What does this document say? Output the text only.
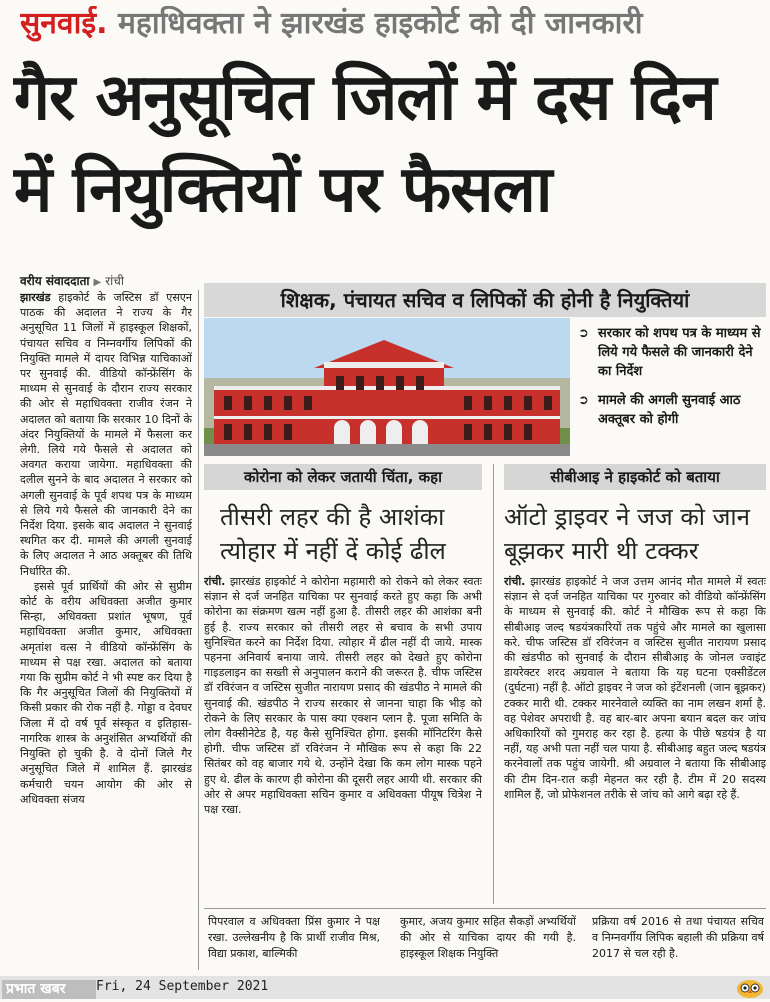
सुनवाई. महाधिवक्ता ने झारखंड हाइकोर्ट को दी जानकारी
गैर अनुसूचित जिलों में दस दिन में नियुक्तियों पर फैसला
वरीय संवाददाता ▶ रांची
झारखंड हाइकोर्ट के जस्टिस डॉ एसएन पाठक की अदालत ने राज्य के गैर अनुसूचित 11 जिलों में हाइस्कूल शिक्षकों, पंचायत सचिव व निम्नवर्गीय लिपिकों की नियुक्ति मामले में दायर विभिन्न याचिकाओं पर सुनवाई की. वीडियो कॉन्फ्रेंसिंग के माध्यम से सुनवाई के दौरान राज्य सरकार की ओर से महाधिवक्ता राजीव रंजन ने अदालत को बताया कि सरकार 10 दिनों के अंदर नियुक्तियों के मामले में फैसला कर लेगी. लिये गये फैसले से अदालत को अवगत कराया जायेगा. महाधिवक्ता की दलील सुनने के बाद अदालत ने सरकार को अगली सुनवाई के पूर्व शपथ पत्र के माध्यम से लिये गये फैसले की जानकारी देने का निर्देश दिया. इसके बाद अदालत ने सुनवाई स्थगित कर दी. मामले की अगली सुनवाई के लिए अदालत ने आठ अक्तूबर की तिथि निर्धारित की.
इससे पूर्व प्रार्थियों की ओर से सुप्रीम कोर्ट के वरीय अधिवक्ता अजीत कुमार सिन्हा, अधिवक्ता प्रशांत भूषण, पूर्व महाधिवक्ता अजीत कुमार, अधिवक्ता अमृतांश वत्स ने वीडियो कॉन्फ्रेंसिंग के माध्यम से पक्ष रखा. अदालत को बताया गया कि सुप्रीम कोर्ट ने भी स्पष्ट कर दिया है कि गैर अनुसूचित जिलों की नियुक्तियों में किसी प्रकार की रोक नहीं है. गोड्डा व देवघर जिला में दो वर्ष पूर्व संस्कृत व इतिहास-नागरिक शास्त्र के अनुशंसित अभ्यर्थियों की नियुक्ति हो चुकी है. वे दोनों जिले गैर अनुसूचित जिले में शामिल हैं. झारखंड कर्मचारी चयन आयोग की ओर से अधिवक्ता संजय
शिक्षक, पंचायत सचिव व लिपिकों की होनी है नियुक्तियां
➲ सरकार को शपथ पत्र के माध्यम से लिये गये फैसले की जानकारी देने का निर्देश
➲ मामले की अगली सुनवाई आठ अक्तूबर को होगी
कोरोना को लेकर जतायी चिंता, कहा	सीबीआइ ने हाइकोर्ट को बताया
तीसरी लहर की है आशंका त्योहार में नहीं दें कोई ढील
ऑटो ड्राइवर ने जज को जान बूझकर मारी थी टक्कर
रांची. झारखंड हाइकोर्ट ने कोरोना महामारी को रोकने को लेकर स्वतः संज्ञान से दर्ज जनहित याचिका पर सुनवाई करते हुए कहा कि अभी कोरोना का संक्रमण खत्म नहीं हुआ है. तीसरी लहर की आशंका बनी हुई है. राज्य सरकार को तीसरी लहर से बचाव के सभी उपाय सुनिश्चित करने का निर्देश दिया. त्योहार में ढील नहीं दी जाये. मास्क पहनना अनिवार्य बनाया जाये. तीसरी लहर को देखते हुए कोरोना गाइडलाइन का सख्ती से अनुपालन कराने की जरूरत है. चीफ जस्टिस डॉ रविरंजन व जस्टिस सुजीत नारायण प्रसाद की खंडपीठ ने मामले की सुनवाई की. खंडपीठ ने राज्य सरकार से जानना चाहा कि भीड़ को रोकने के लिए सरकार के पास क्या एक्शन प्लान है. पूजा समिति के लोग वैक्सीनेटेड है, यह कैसे सुनिश्चित होगा. इसकी मॉनिटरिंग कैसे होगी. चीफ जस्टिस डॉ रविरंजन ने मौखिक रूप से कहा कि 22 सितंबर को वह बाजार गये थे. उन्होंने देखा कि कम लोग मास्क पहने हुए थे. ढील के कारण ही कोरोना की दूसरी लहर आयी थी. सरकार की ओर से अपर महाधिवक्ता सचिन कुमार व अधिवक्ता पीयूष चित्रेश ने पक्ष रखा.
रांची. झारखंड हाइकोर्ट ने जज उत्तम आनंद मौत मामले में स्वतः संज्ञान से दर्ज जनहित याचिका पर गुरुवार को वीडियो कॉन्फ्रेंसिंग के माध्यम से सुनवाई की. कोर्ट ने मौखिक रूप से कहा कि सीबीआइ जल्द षडयंत्रकारियों तक पहुंचे और मामले का खुलासा करे. चीफ जस्टिस डॉ रविरंजन व जस्टिस सुजीत नारायण प्रसाद की खंडपीठ को सुनवाई के दौरान सीबीआइ के जोनल ज्वाइंट डायरेक्टर शरद अग्रवाल ने बताया कि यह घटना एक्सीडेंटल (दुर्घटना) नहीं है. ऑटो ड्राइवर ने जज को इंटेंशनली (जान बूझकर) टक्कर मारी थी. टक्कर मारनेवाले व्यक्ति का नाम लखन शर्मा है. वह पेशेवर अपराधी है. वह बार-बार अपना बयान बदल कर जांच अधिकारियों को गुमराह कर रहा है. हत्या के पीछे षडयंत्र है या नहीं, यह अभी पता नहीं चल पाया है. सीबीआइ बहुत जल्द षडयंत्र करनेवालों तक पहुंच जायेगी. श्री अग्रवाल ने बताया कि सीबीआइ की टीम दिन-रात कड़ी मेहनत कर रही है. टीम में 20 सदस्य शामिल हैं, जो प्रोफेशनल तरीके से जांच को आगे बढ़ा रहे हैं.
पिपरवाल व अधिवक्ता प्रिंस कुमार ने पक्ष रखा. उल्लेखनीय है कि प्रार्थी राजीव मिश्र, विद्या प्रकाश, बाल्मिकी
कुमार, अजय कुमार सहित सैकड़ों अभ्यर्थियों की ओर से याचिका दायर की गयी है. हाइस्कूल शिक्षक नियुक्ति
प्रक्रिया वर्ष 2016 से तथा पंचायत सचिव व निम्नवर्गीय लिपिक बहाली की प्रक्रिया वर्ष 2017 से चल रही है.
प्रभात खबर	Fri, 24 September 2021
